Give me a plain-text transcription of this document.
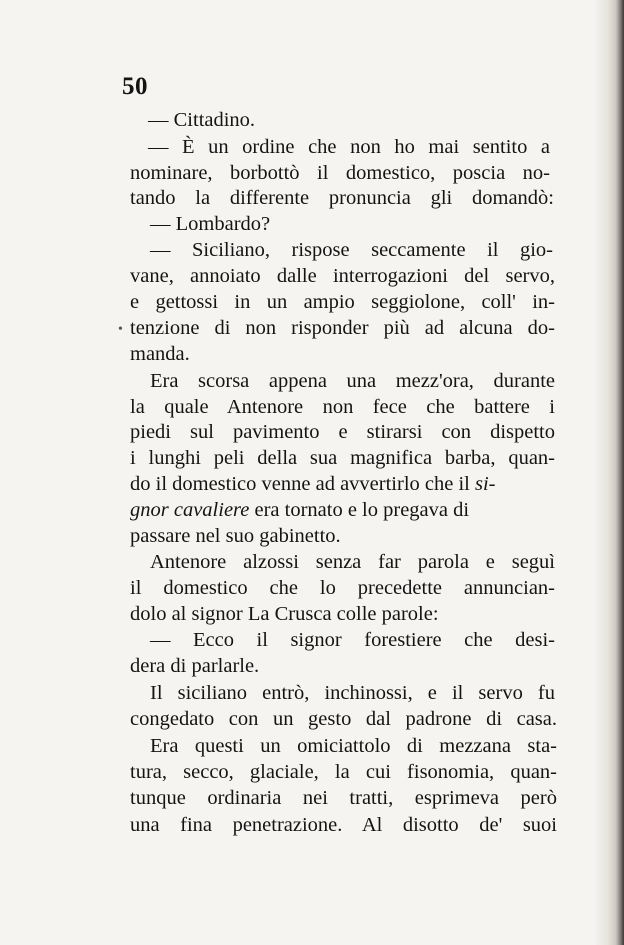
50
— Cittadino.
— È un ordine che non ho mai sentito a
nominare, borbottò il domestico, poscia no-
tando la differente pronuncia gli domandò:
— Lombardo?
— Siciliano, rispose seccamente il gio-
vane, annoiato dalle interrogazioni del servo,
e gettossi in un ampio seggiolone, coll' in-
• tenzione di non risponder più ad alcuna do-
manda.
Era scorsa appena una mezz'ora, durante
la quale Antenore non fece che battere i
piedi sul pavimento e stirarsi con dispetto
i lunghi peli della sua magnifica barba, quan-
do il domestico venne ad avvertirlo che il si-
gnor cavaliere era tornato e lo pregava di
passare nel suo gabinetto.
Antenore alzossi senza far parola e seguì
il domestico che lo precedette annuncian-
dolo al signor La Crusca colle parole:
— Ecco il signor forestiere che desi-
dera di parlarle.
Il siciliano entrò, inchinossi, e il servo fu
congedato con un gesto dal padrone di casa.
Era questi un omiciattolo di mezzana sta-
tura, secco, glaciale, la cui fisonomia, quan-
tunque ordinaria nei tratti, esprimeva però
una fina penetrazione. Al disotto de' suoi
